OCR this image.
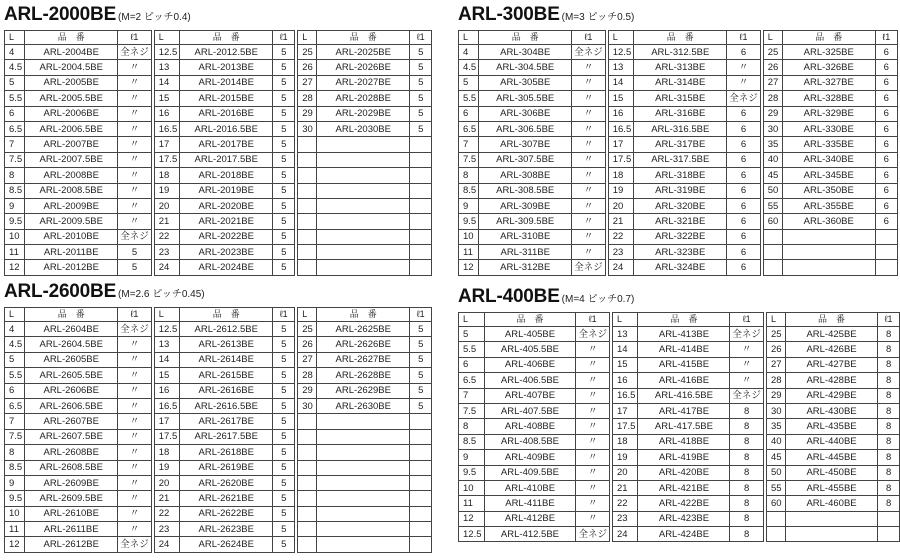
ARL-2000BE (M=2 ピッチ0.4)
L	品　番	ℓ1
4	ARL-2004BE	全ネジ
4.5	ARL-2004.5BE	〃
5	ARL-2005BE	〃
5.5	ARL-2005.5BE	〃
6	ARL-2006BE	〃
6.5	ARL-2006.5BE	〃
7	ARL-2007BE	〃
7.5	ARL-2007.5BE	〃
8	ARL-2008BE	〃
8.5	ARL-2008.5BE	〃
9	ARL-2009BE	〃
9.5	ARL-2009.5BE	〃
10	ARL-2010BE	全ネジ
11	ARL-2011BE	5
12	ARL-2012BE	5
L	品　番	ℓ1
12.5	ARL-2012.5BE	5
13	ARL-2013BE	5
14	ARL-2014BE	5
15	ARL-2015BE	5
16	ARL-2016BE	5
16.5	ARL-2016.5BE	5
17	ARL-2017BE	5
17.5	ARL-2017.5BE	5
18	ARL-2018BE	5
19	ARL-2019BE	5
20	ARL-2020BE	5
21	ARL-2021BE	5
22	ARL-2022BE	5
23	ARL-2023BE	5
24	ARL-2024BE	5
L	品　番	ℓ1
25	ARL-2025BE	5
26	ARL-2026BE	5
27	ARL-2027BE	5
28	ARL-2028BE	5
29	ARL-2029BE	5
30	ARL-2030BE	5

ARL-300BE (M=3 ピッチ0.5)
L	品　番	ℓ1
4	ARL-304BE	全ネジ
4.5	ARL-304.5BE	〃
5	ARL-305BE	〃
5.5	ARL-305.5BE	〃
6	ARL-306BE	〃
6.5	ARL-306.5BE	〃
7	ARL-307BE	〃
7.5	ARL-307.5BE	〃
8	ARL-308BE	〃
8.5	ARL-308.5BE	〃
9	ARL-309BE	〃
9.5	ARL-309.5BE	〃
10	ARL-310BE	〃
11	ARL-311BE	〃
12	ARL-312BE	全ネジ
L	品　番	ℓ1
12.5	ARL-312.5BE	6
13	ARL-313BE	〃
14	ARL-314BE	〃
15	ARL-315BE	全ネジ
16	ARL-316BE	6
16.5	ARL-316.5BE	6
17	ARL-317BE	6
17.5	ARL-317.5BE	6
18	ARL-318BE	6
19	ARL-319BE	6
20	ARL-320BE	6
21	ARL-321BE	6
22	ARL-322BE	6
23	ARL-323BE	6
24	ARL-324BE	6
L	品　番	ℓ1
25	ARL-325BE	6
26	ARL-326BE	6
27	ARL-327BE	6
28	ARL-328BE	6
29	ARL-329BE	6
30	ARL-330BE	6
35	ARL-335BE	6
40	ARL-340BE	6
45	ARL-345BE	6
50	ARL-350BE	6
55	ARL-355BE	6
60	ARL-360BE	6

ARL-2600BE (M=2.6 ピッチ0.45)
L	品　番	ℓ1
4	ARL-2604BE	全ネジ
4.5	ARL-2604.5BE	〃
5	ARL-2605BE	〃
5.5	ARL-2605.5BE	〃
6	ARL-2606BE	〃
6.5	ARL-2606.5BE	〃
7	ARL-2607BE	〃
7.5	ARL-2607.5BE	〃
8	ARL-2608BE	〃
8.5	ARL-2608.5BE	〃
9	ARL-2609BE	〃
9.5	ARL-2609.5BE	〃
10	ARL-2610BE	〃
11	ARL-2611BE	〃
12	ARL-2612BE	全ネジ
L	品　番	ℓ1
12.5	ARL-2612.5BE	5
13	ARL-2613BE	5
14	ARL-2614BE	5
15	ARL-2615BE	5
16	ARL-2616BE	5
16.5	ARL-2616.5BE	5
17	ARL-2617BE	5
17.5	ARL-2617.5BE	5
18	ARL-2618BE	5
19	ARL-2619BE	5
20	ARL-2620BE	5
21	ARL-2621BE	5
22	ARL-2622BE	5
23	ARL-2623BE	5
24	ARL-2624BE	5
L	品　番	ℓ1
25	ARL-2625BE	5
26	ARL-2626BE	5
27	ARL-2627BE	5
28	ARL-2628BE	5
29	ARL-2629BE	5
30	ARL-2630BE	5

ARL-400BE (M=4 ピッチ0.7)
L	品　番	ℓ1
5	ARL-405BE	全ネジ
5.5	ARL-405.5BE	〃
6	ARL-406BE	〃
6.5	ARL-406.5BE	〃
7	ARL-407BE	〃
7.5	ARL-407.5BE	〃
8	ARL-408BE	〃
8.5	ARL-408.5BE	〃
9	ARL-409BE	〃
9.5	ARL-409.5BE	〃
10	ARL-410BE	〃
11	ARL-411BE	〃
12	ARL-412BE	〃
12.5	ARL-412.5BE	全ネジ
L	品　番	ℓ1
13	ARL-413BE	全ネジ
14	ARL-414BE	〃
15	ARL-415BE	〃
16	ARL-416BE	〃
16.5	ARL-416.5BE	全ネジ
17	ARL-417BE	8
17.5	ARL-417.5BE	8
18	ARL-418BE	8
19	ARL-419BE	8
20	ARL-420BE	8
21	ARL-421BE	8
22	ARL-422BE	8
23	ARL-423BE	8
24	ARL-424BE	8
L	品　番	ℓ1
25	ARL-425BE	8
26	ARL-426BE	8
27	ARL-427BE	8
28	ARL-428BE	8
29	ARL-429BE	8
30	ARL-430BE	8
35	ARL-435BE	8
40	ARL-440BE	8
45	ARL-445BE	8
50	ARL-450BE	8
55	ARL-455BE	8
60	ARL-460BE	8
